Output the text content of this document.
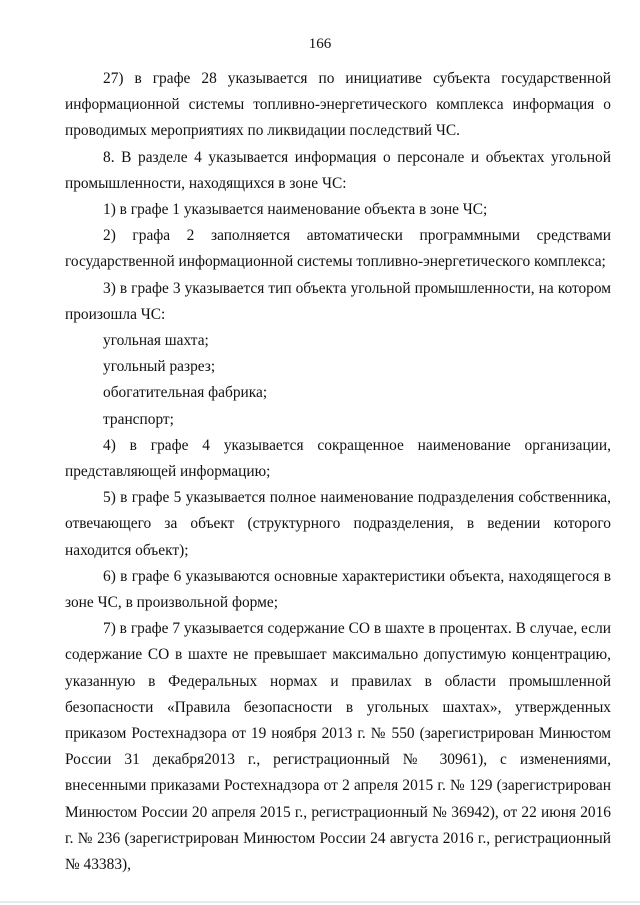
166

27) в графе 28 указывается по инициативе субъекта государственной информационной системы топливно-энергетического комплекса информация о проводимых мероприятиях по ликвидации последствий ЧС.

8. В разделе 4 указывается информация о персонале и объектах угольной промышленности, находящихся в зоне ЧС:

1) в графе 1 указывается наименование объекта в зоне ЧС;

2) графа 2 заполняется автоматически программными средствами государственной информационной системы топливно-энергетического комплекса;

3) в графе 3 указывается тип объекта угольной промышленности, на котором произошла ЧС:

угольная шахта;

угольный разрез;

обогатительная фабрика;

транспорт;

4) в графе 4 указывается сокращенное наименование организации, представляющей информацию;

5) в графе 5 указывается полное наименование подразделения собственника, отвечающего за объект (структурного подразделения, в ведении которого находится объект);

6) в графе 6 указываются основные характеристики объекта, находящегося в зоне ЧС, в произвольной форме;

7) в графе 7 указывается содержание СО в шахте в процентах. В случае, если содержание СО в шахте не превышает максимально допустимую концентрацию, указанную в Федеральных нормах и правилах в области промышленной безопасности «Правила безопасности в угольных шахтах», утвержденных приказом Ростехнадзора от 19 ноября 2013 г. № 550 (зарегистрирован Минюстом России 31 декабря2013 г., регистрационный № 30961), с изменениями, внесенными приказами Ростехнадзора от 2 апреля 2015 г. № 129 (зарегистрирован Минюстом России 20 апреля 2015 г., регистрационный № 36942), от 22 июня 2016 г. № 236 (зарегистрирован Минюстом России 24 августа 2016 г., регистрационный № 43383),
